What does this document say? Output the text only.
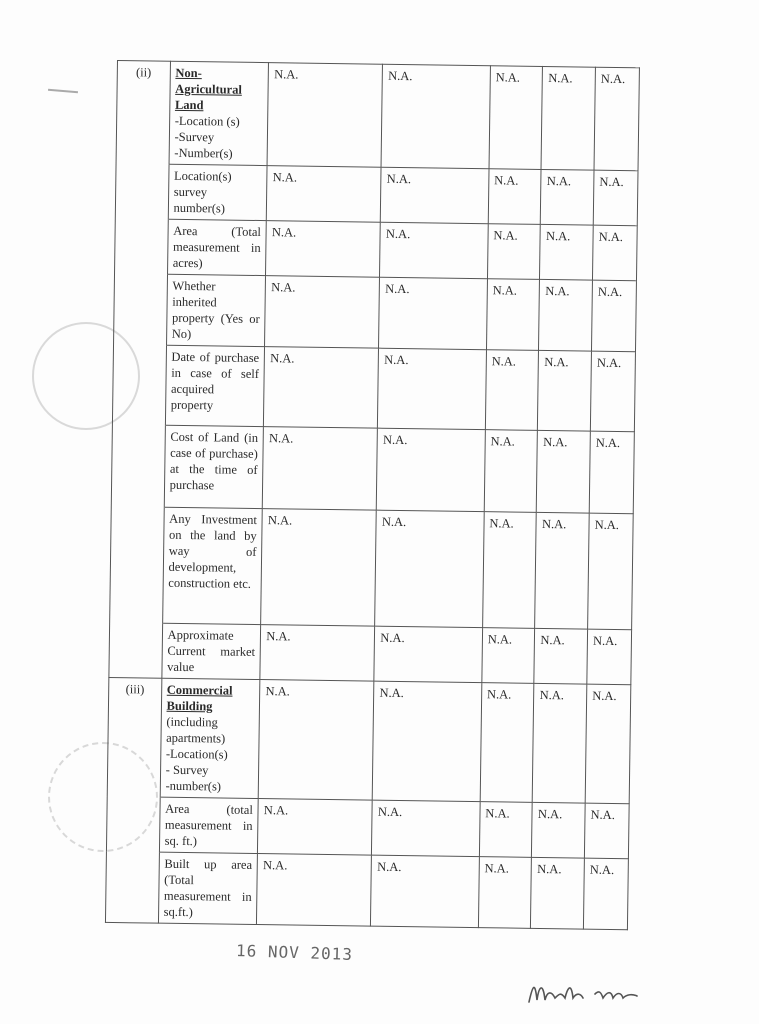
(ii)	Non-Agricultural Land
-Location (s)
-Survey
-Number(s)	N.A.	N.A.	N.A.	N.A.	N.A.

	Location(s) survey number(s)	N.A.	N.A.	N.A.	N.A.	N.A.

	Area (Total measurement in acres)	N.A.	N.A.	N.A.	N.A.	N.A.

	Whether inherited property (Yes or No)	N.A.	N.A.	N.A.	N.A.	N.A.

	Date of purchase in case of self acquired property	N.A.	N.A.	N.A.	N.A.	N.A.

	Cost of Land (in case of purchase) at the time of purchase	N.A.	N.A.	N.A.	N.A.	N.A.

	Any Investment on the land by way of development, construction etc.	N.A.	N.A.	N.A.	N.A.	N.A.

	Approximate Current market value	N.A.	N.A.	N.A.	N.A.	N.A.
(iii)	Commercial Building
(including apartments)
-Location(s)
- Survey
-number(s)	N.A.	N.A.	N.A.	N.A.	N.A.

	Area (total measurement in sq. ft.)	N.A.	N.A.	N.A.	N.A.	N.A.

	Built up area (Total measurement in sq.ft.)	N.A.	N.A.	N.A.	N.A.	N.A.
16 NOV 2013
